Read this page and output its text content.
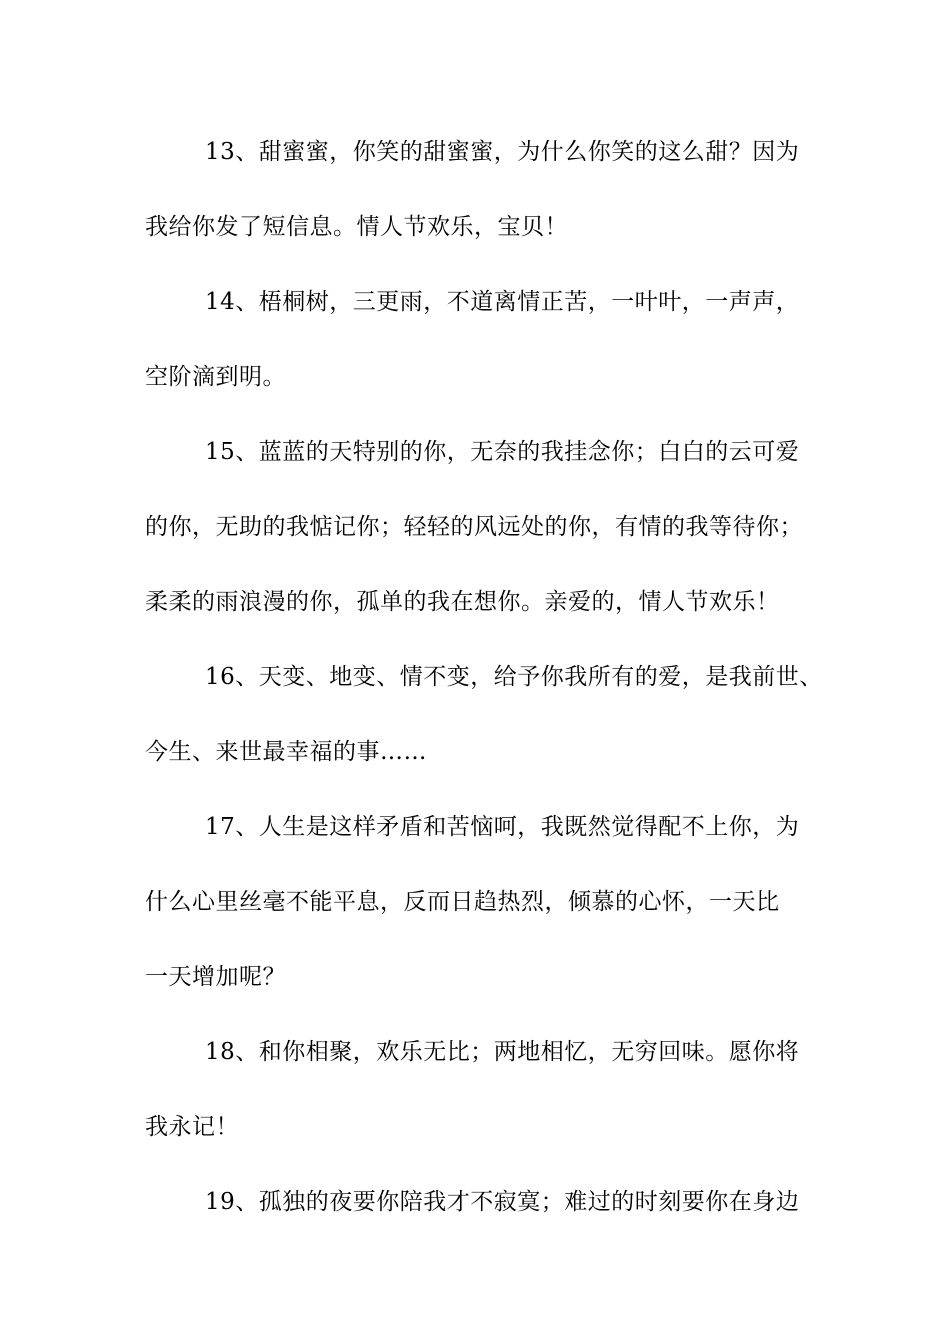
13、甜蜜蜜，你笑的甜蜜蜜，为什么你笑的这么甜？因为
我给你发了短信息。情人节欢乐，宝贝！
14、梧桐树，三更雨，不道离情正苦，一叶叶，一声声，
空阶滴到明。
15、蓝蓝的天特别的你，无奈的我挂念你；白白的云可爱
的你，无助的我惦记你；轻轻的风远处的你，有情的我等待你；
柔柔的雨浪漫的你，孤单的我在想你。亲爱的，情人节欢乐！
16、天变、地变、情不变，给予你我所有的爱，是我前世、
今生、来世最幸福的事……
17、人生是这样矛盾和苦恼呵，我既然觉得配不上你，为
什么心里丝毫不能平息，反而日趋热烈，倾慕的心怀，一天比
一天增加呢？
18、和你相聚，欢乐无比；两地相忆，无穷回味。愿你将
我永记！
19、孤独的夜要你陪我才不寂寞；难过的时刻要你在身边
